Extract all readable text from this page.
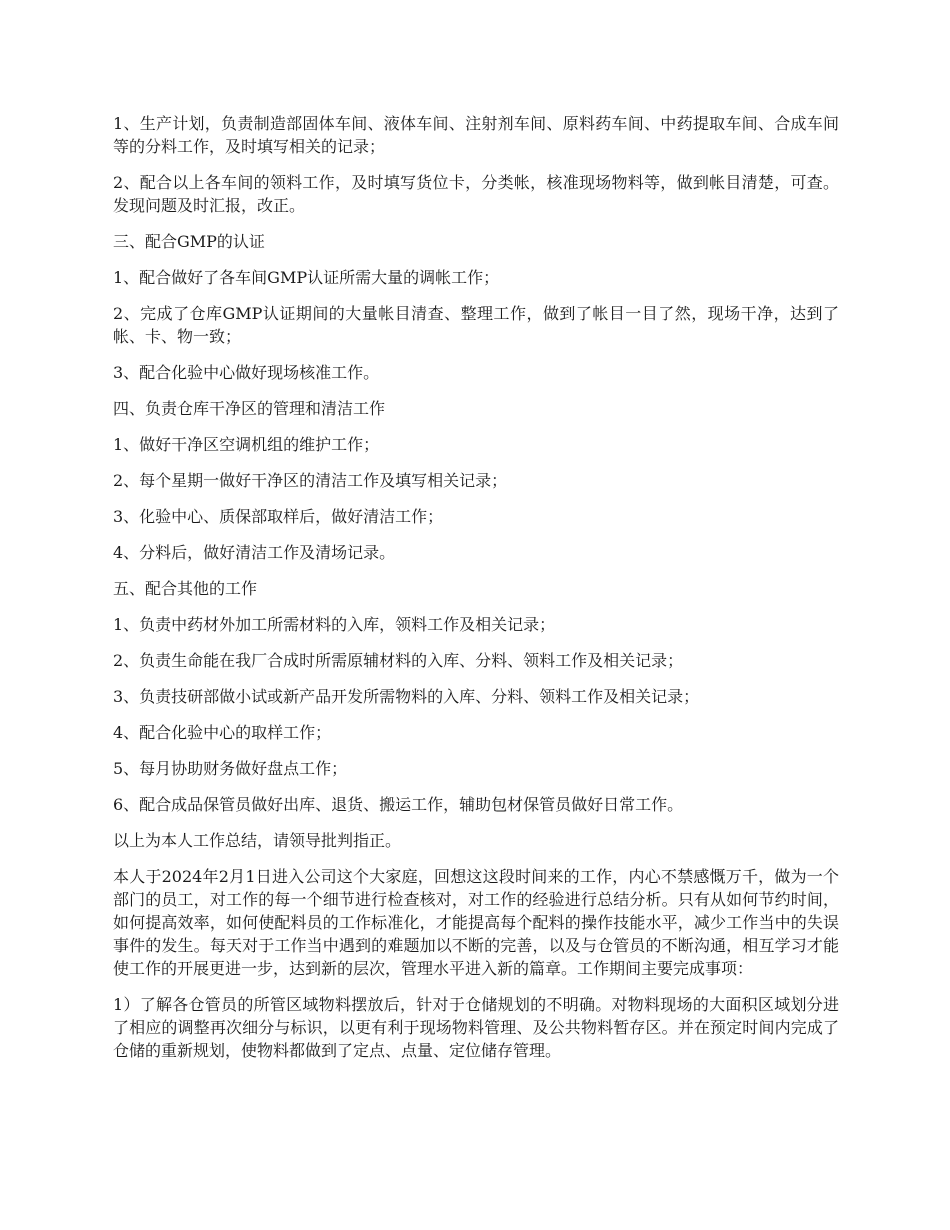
1、生产计划，负责制造部固体车间、液体车间、注射剂车间、原料药车间、中药提取车间、合成车间等的分料工作，及时填写相关的记录；

2、配合以上各车间的领料工作，及时填写货位卡，分类帐，核准现场物料等，做到帐目清楚，可查。发现问题及时汇报，改正。

三、配合GMP的认证

1、配合做好了各车间GMP认证所需大量的调帐工作；

2、完成了仓库GMP认证期间的大量帐目清查、整理工作，做到了帐目一目了然，现场干净，达到了帐、卡、物一致；

3、配合化验中心做好现场核准工作。

四、负责仓库干净区的管理和清洁工作

1、做好干净区空调机组的维护工作；

2、每个星期一做好干净区的清洁工作及填写相关记录；

3、化验中心、质保部取样后，做好清洁工作；

4、分料后，做好清洁工作及清场记录。

五、配合其他的工作

1、负责中药材外加工所需材料的入库，领料工作及相关记录；

2、负责生命能在我厂合成时所需原辅材料的入库、分料、领料工作及相关记录；

3、负责技研部做小试或新产品开发所需物料的入库、分料、领料工作及相关记录；

4、配合化验中心的取样工作；

5、每月协助财务做好盘点工作；

6、配合成品保管员做好出库、退货、搬运工作，辅助包材保管员做好日常工作。

以上为本人工作总结，请领导批判指正。

本人于2024年2月1日进入公司这个大家庭，回想这这段时间来的工作，内心不禁感慨万千，做为一个部门的员工，对工作的每一个细节进行检查核对，对工作的经验进行总结分析。只有从如何节约时间，如何提高效率，如何使配料员的工作标准化，才能提高每个配料的操作技能水平，减少工作当中的失误事件的发生。每天对于工作当中遇到的难题加以不断的完善，以及与仓管员的不断沟通，相互学习才能使工作的开展更进一步，达到新的层次，管理水平进入新的篇章。工作期间主要完成事项：

1）了解各仓管员的所管区域物料摆放后，针对于仓储规划的不明确。对物料现场的大面积区域划分进了相应的调整再次细分与标识，以更有利于现场物料管理、及公共物料暂存区。并在预定时间内完成了仓储的重新规划，使物料都做到了定点、点量、定位储存管理。
